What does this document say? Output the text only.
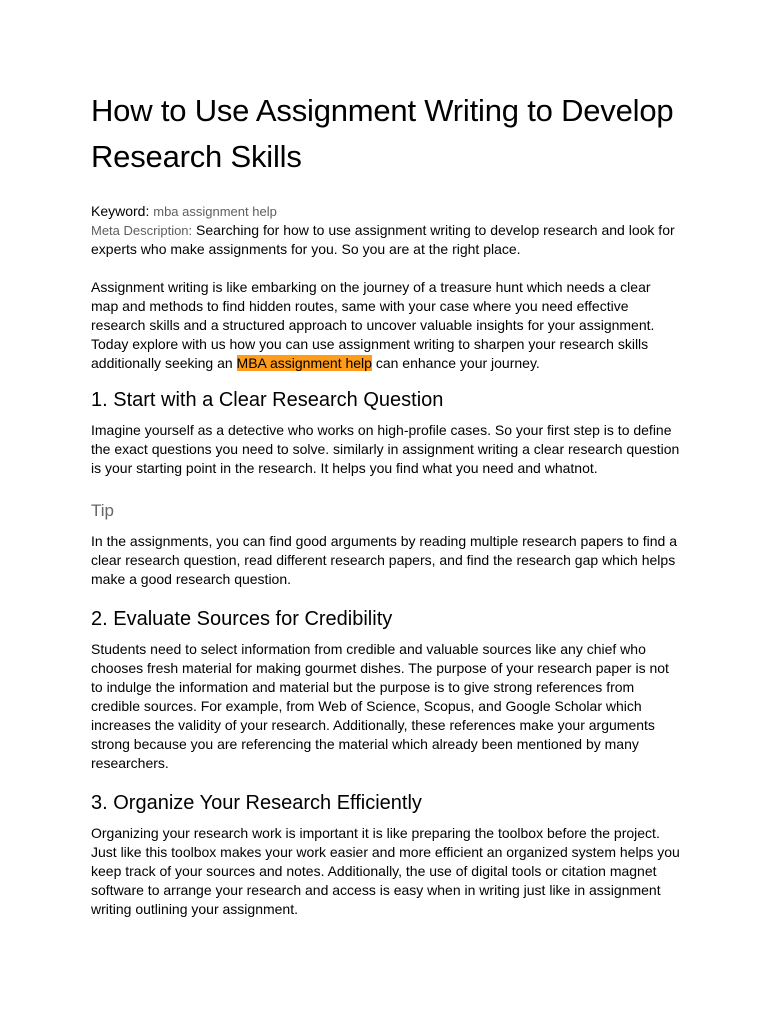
How to Use Assignment Writing to Develop Research Skills
Keyword: mba assignment help

Meta Description: Searching for how to use assignment writing to develop research and look for experts who make assignments for you. So you are at the right place.

Assignment writing is like embarking on the journey of a treasure hunt which needs a clear map and methods to find hidden routes, same with your case where you need effective research skills and a structured approach to uncover valuable insights for your assignment. Today explore with us how you can use assignment writing to sharpen your research skills additionally seeking an MBA assignment help can enhance your journey.

1. Start with a Clear Research Question

Imagine yourself as a detective who works on high-profile cases. So your first step is to define the exact questions you need to solve. similarly in assignment writing a clear research question is your starting point in the research. It helps you find what you need and whatnot.

Tip

In the assignments, you can find good arguments by reading multiple research papers to find a clear research question, read different research papers, and find the research gap which helps make a good research question.

2. Evaluate Sources for Credibility

Students need to select information from credible and valuable sources like any chief who chooses fresh material for making gourmet dishes. The purpose of your research paper is not to indulge the information and material but the purpose is to give strong references from credible sources. For example, from Web of Science, Scopus, and Google Scholar which increases the validity of your research. Additionally, these references make your arguments strong because you are referencing the material which already been mentioned by many researchers.

3. Organize Your Research Efficiently

Organizing your research work is important it is like preparing the toolbox before the project. Just like this toolbox makes your work easier and more efficient an organized system helps you keep track of your sources and notes. Additionally, the use of digital tools or citation magnet software to arrange your research and access is easy when in writing just like in assignment writing outlining your assignment.
